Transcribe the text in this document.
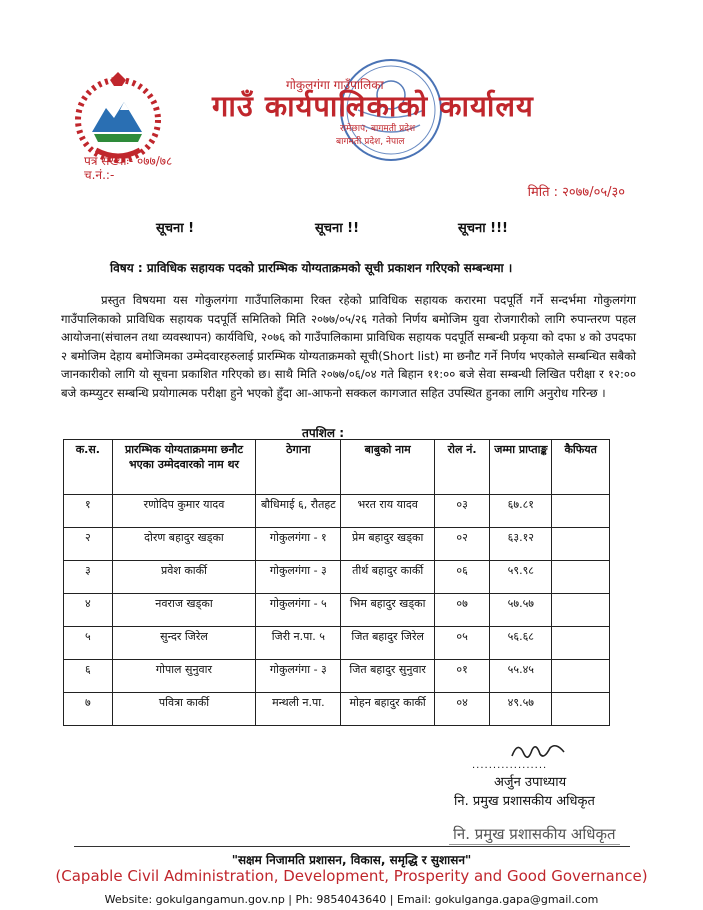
गोकुलगंगा गाउँपालिका
गाउँ कार्यपालिकाको कार्यालय
रामेछाप, बागमती प्रदेश
बागमती प्रदेश, नेपाल
पत्र संख्याः- ०७७/७८
च.नं.:-
मिति : २०७७/०५/३०
सूचना !	सूचना !!	सूचना !!!
विषय : प्राविधिक सहायक पदको प्रारम्भिक योग्यताक्रमको सूची प्रकाशन गरिएको सम्बन्धमा ।

प्रस्तुत विषयमा यस गोकुलगंगा गाउँपालिकामा रिक्त रहेको प्राविधिक सहायक करारमा पदपूर्ति गर्ने सन्दर्भमा गोकुलगंगा गाउँपालिकाको प्राविधिक सहायक पदपूर्ति समितिको मिति २०७७/०५/२६ गतेको निर्णय बमोजिम युवा रोजगारीको लागि रुपान्तरण पहल आयोजना(संचालन तथा व्यवस्थापन) कार्यविधि, २०७६ को गाउँपालिकामा प्राविधिक सहायक पदपूर्ति सम्बन्धी प्रकृया को दफा ४ को उपदफा २ बमोजिम देहाय बमोजिमका उम्मेदवारहरुलाई प्रारम्भिक योग्यताक्रमको सूची(Short list) मा छनौट गर्ने निर्णय भएकोले सम्बन्धित सबैको जानकारीको लागि यो सूचना प्रकाशित गरिएको छ। साथै मिति २०७७/०६/०४ गते बिहान ११:०० बजे सेवा सम्बन्धी लिखित परीक्षा र १२:०० बजे कम्प्युटर सम्बन्धि प्रयोगात्मक परीक्षा हुने भएको हुँदा आ-आफनो सक्कल कागजात सहित उपस्थित हुनका लागि अनुरोध गरिन्छ ।

तपशिल :
क.स.	प्रारम्भिक योग्यताक्रममा छनौट भएका उम्मेदवारको नाम थर	ठेगाना	बाबुको नाम	रोल नं.	जम्मा प्राप्ताङ्क	कैफियत
१	रणोदिप कुमार यादव	बौधिमाई ६, रौतहट	भरत राय यादव	०३	६७.८१	
२	दोरण बहादुर खड्का	गोकुलगंगा - १	प्रेम बहादुर खड्का	०२	६३.१२	
३	प्रवेश कार्की	गोकुलगंगा - ३	तीर्थ बहादुर कार्की	०६	५९.९८	
४	नवराज खड्का	गोकुलगंगा - ५	भिम बहादुर खड्का	०७	५७.५७	
५	सुन्दर जिरेल	जिरी न.पा. ५	जित बहादुर जिरेल	०५	५६.६८	
६	गोपाल सुनुवार	गोकुलगंगा - ३	जित बहादुर सुनुवार	०१	५५.४५	
७	पवित्रा कार्की	मन्थली न.पा.	मोहन बहादुर कार्की	०४	४९.५७	
..................
अर्जुन उपाध्याय
नि. प्रमुख प्रशासकीय अधिकृत
नि. प्रमुख प्रशासकीय अधिकृत
"सक्षम निजामति प्रशासन, विकास, समृद्धि र सुशासन"
(Capable Civil Administration, Development, Prosperity and Good Governance)
Website: gokulgangamun.gov.np | Ph: 9854043640 | Email: gokulganga.gapa@gmail.com
